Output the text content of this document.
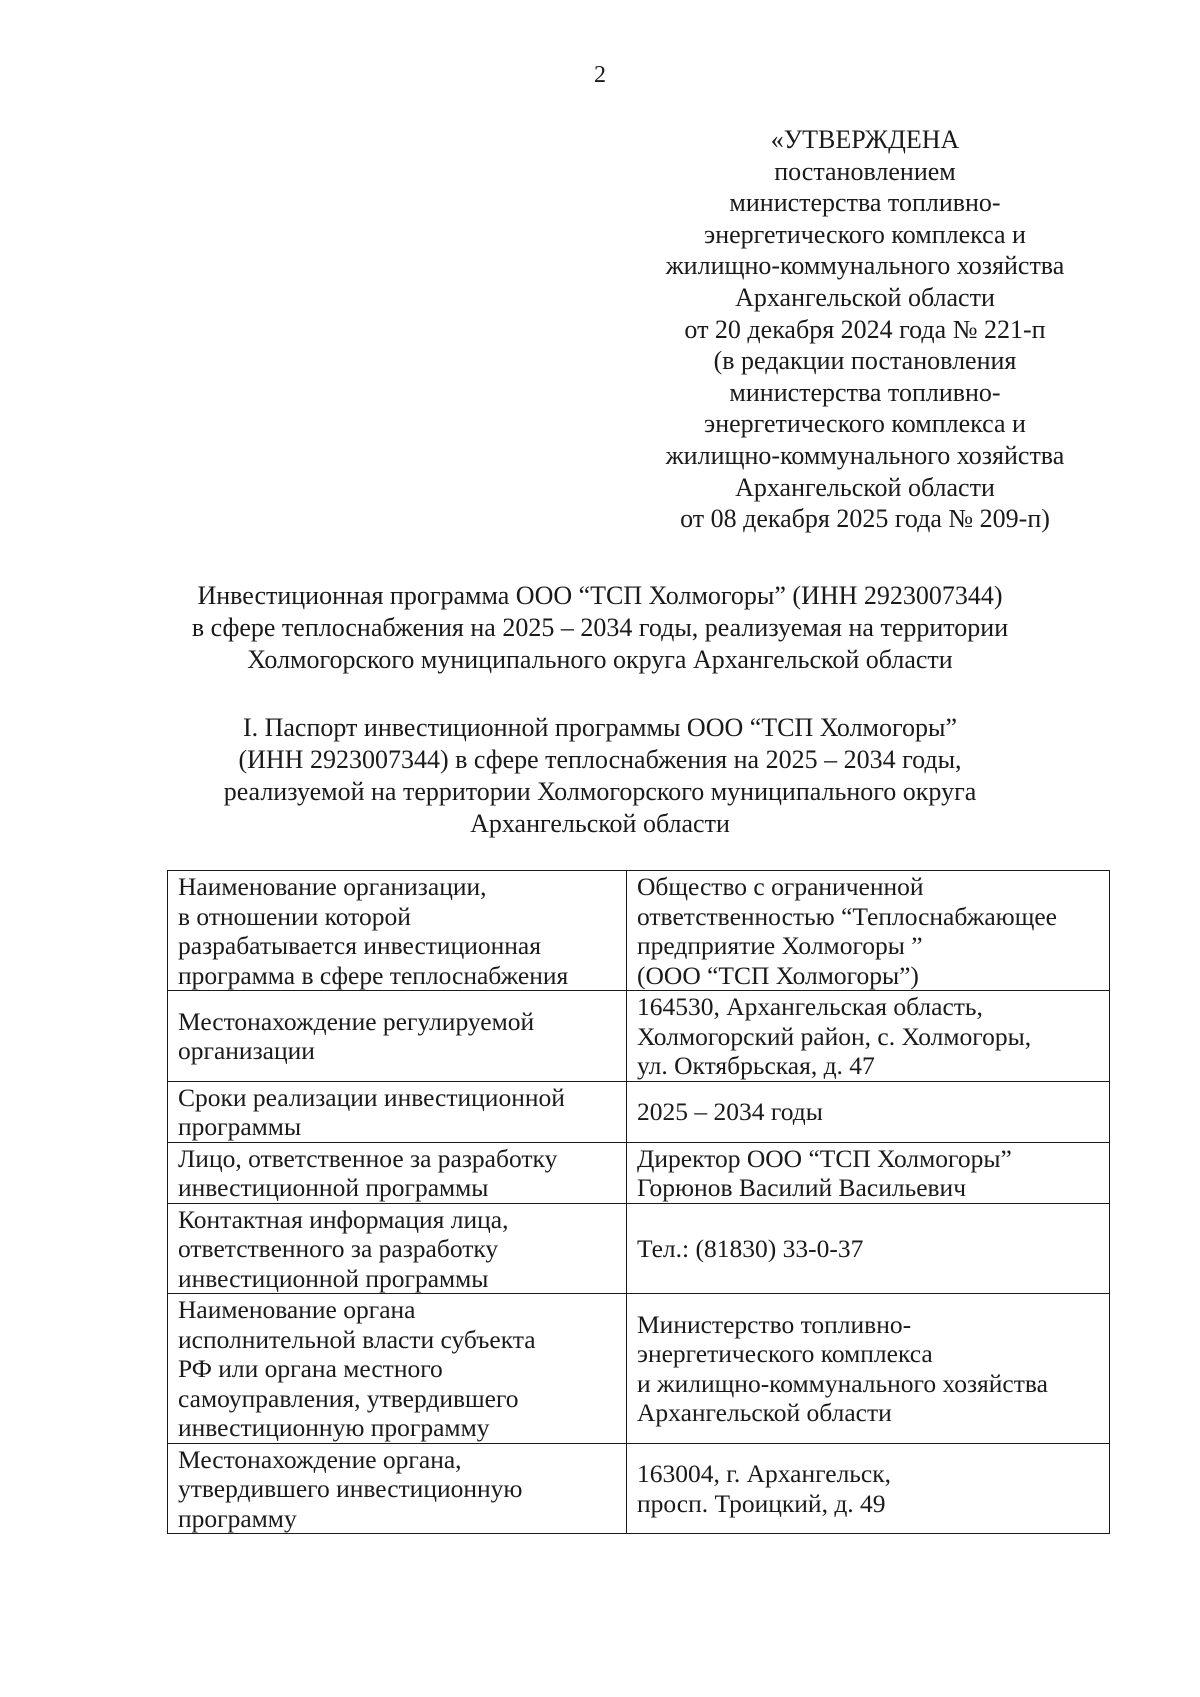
2
«УТВЕРЖДЕНА
постановлением
министерства топливно-
энергетического комплекса и
жилищно-коммунального хозяйства
Архангельской области
от 20 декабря 2024 года № 221-п
(в редакции постановления
министерства топливно-
энергетического комплекса и
жилищно-коммунального хозяйства
Архангельской области
от 08 декабря 2025 года № 209-п)
Инвестиционная программа ООО “ТСП Холмогоры” (ИНН 2923007344)
в сфере теплоснабжения на 2025 – 2034 годы, реализуемая на территории
Холмогорского муниципального округа Архангельской области
I. Паспорт инвестиционной программы ООО “ТСП Холмогоры”
(ИНН 2923007344) в сфере теплоснабжения на 2025 – 2034 годы,
реализуемой на территории Холмогорского муниципального округа
Архангельской области
Наименование организации,
в отношении которой
разрабатывается инвестиционная
программа в сфере теплоснабжения	Общество с ограниченной
ответственностью “Теплоснабжающее
предприятие Холмогоры ”
(ООО “ТСП Холмогоры”)

Местонахождение регулируемой
организации	164530, Архангельская область,
Холмогорский район, с. Холмогоры,
ул. Октябрьская, д. 47

Сроки реализации инвестиционной
программы	2025 – 2034 годы

Лицо, ответственное за разработку
инвестиционной программы	Директор ООО “ТСП Холмогоры”
Горюнов Василий Васильевич

Контактная информация лица,
ответственного за разработку
инвестиционной программы	Тел.: (81830) 33-0-37

Наименование органа
исполнительной власти субъекта
РФ или органа местного
самоуправления, утвердившего
инвестиционную программу	Министерство топливно-
энергетического комплекса
и жилищно-коммунального хозяйства
Архангельской области

Местонахождение органа,
утвердившего инвестиционную
программу	163004, г. Архангельск,
просп. Троицкий, д. 49
